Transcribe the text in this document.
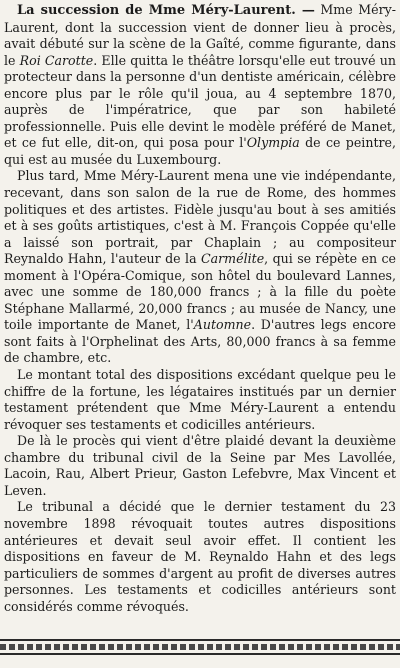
La succession de Mme Méry-Laurent. — Mme Méry-Laurent, dont la succession vient de donner lieu à procès, avait débuté sur la scène de la Gaîté, comme figurante, dans le Roi Carotte. Elle quitta le théâtre lorsqu'elle eut trouvé un protecteur dans la personne d'un dentiste américain, célèbre encore plus par le rôle qu'il joua, au 4 septembre 1870, auprès de l'impératrice, que par son habileté professionnelle. Puis elle devint le modèle préféré de Manet, et ce fut elle, dit-on, qui posa pour l'Olympia de ce peintre, qui est au musée du Luxembourg.

Plus tard, Mme Méry-Laurent mena une vie indépendante, recevant, dans son salon de la rue de Rome, des hommes politiques et des artistes. Fidèle jusqu'au bout à ses amitiés et à ses goûts artistiques, c'est à M. François Coppée qu'elle a laissé son portrait, par Chaplain ; au compositeur Reynaldo Hahn, l'auteur de la Carmélite, qui se répète en ce moment à l'Opéra-Comique, son hôtel du boulevard Lannes, avec une somme de 180,000 francs ; à la fille du poète Stéphane Mallarmé, 20,000 francs ; au musée de Nancy, une toile importante de Manet, l'Automne. D'autres legs encore sont faits à l'Orphelinat des Arts, 80,000 francs à sa femme de chambre, etc.

Le montant total des dispositions excédant quelque peu le chiffre de la fortune, les légataires institués par un dernier testament prétendent que Mme Méry-Laurent a entendu révoquer ses testaments et codicilles antérieurs.

De là le procès qui vient d'être plaidé devant la deuxième chambre du tribunal civil de la Seine par Mes Lavollée, Lacoin, Rau, Albert Prieur, Gaston Lefebvre, Max Vincent et Leven.

Le tribunal a décidé que le dernier testament du 23 novembre 1898 révoquait toutes autres dispositions antérieures et devait seul avoir effet. Il contient les dispositions en faveur de M. Reynaldo Hahn et des legs particuliers de sommes d'argent au profit de diverses autres personnes. Les testaments et codicilles antérieurs sont considérés comme révoqués.
